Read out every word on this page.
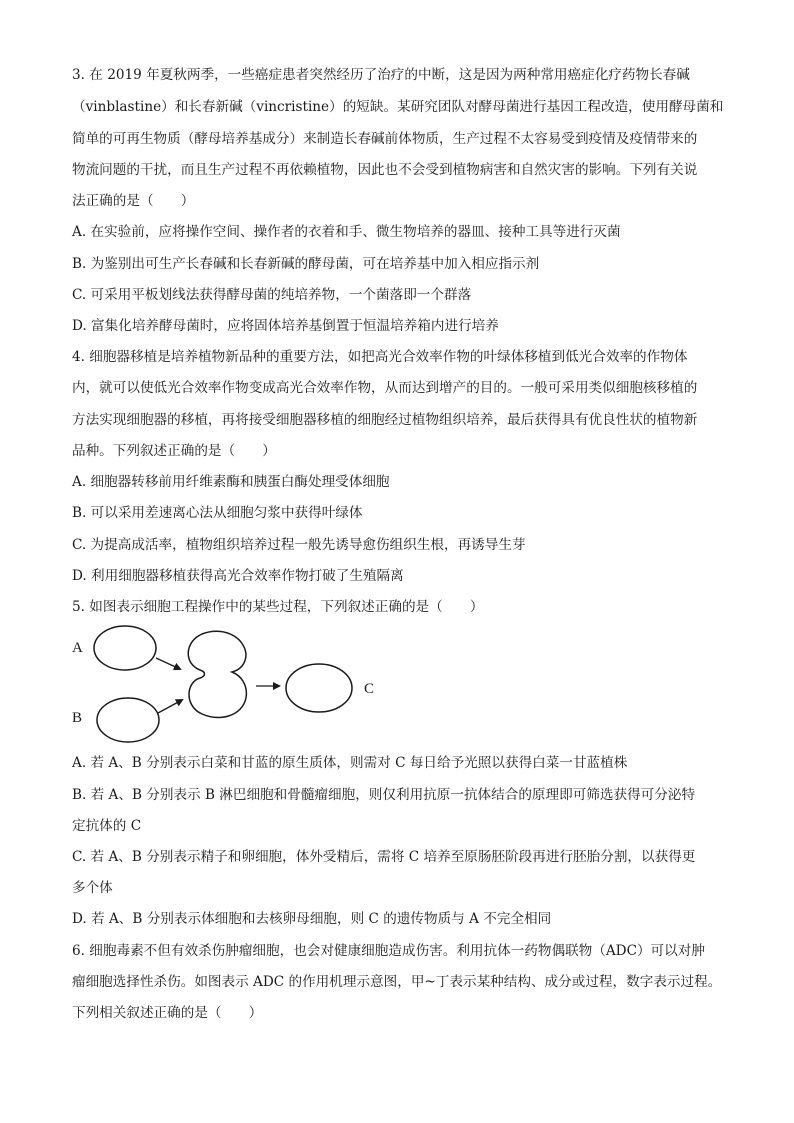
3. 在 2019 年夏秋两季，一些癌症患者突然经历了治疗的中断，这是因为两种常用癌症化疗药物长春碱
（vinblastine）和长春新碱（vincristine）的短缺。某研究团队对酵母菌进行基因工程改造，使用酵母菌和
简单的可再生物质（酵母培养基成分）来制造长春碱前体物质，生产过程不太容易受到疫情及疫情带来的
物流问题的干扰，而且生产过程不再依赖植物，因此也不会受到植物病害和自然灾害的影响。下列有关说
法正确的是（　　）
A. 在实验前，应将操作空间、操作者的衣着和手、微生物培养的器皿、接种工具等进行灭菌
B. 为鉴别出可生产长春碱和长春新碱的酵母菌，可在培养基中加入相应指示剂
C. 可采用平板划线法获得酵母菌的纯培养物，一个菌落即一个群落
D. 富集化培养酵母菌时，应将固体培养基倒置于恒温培养箱内进行培养
4. 细胞器移植是培养植物新品种的重要方法，如把高光合效率作物的叶绿体移植到低光合效率的作物体
内，就可以使低光合效率作物变成高光合效率作物，从而达到增产的目的。一般可采用类似细胞核移植的
方法实现细胞器的移植，再将接受细胞器移植的细胞经过植物组织培养，最后获得具有优良性状的植物新
品种。下列叙述正确的是（　　）
A. 细胞器转移前用纤维素酶和胰蛋白酶处理受体细胞
B. 可以采用差速离心法从细胞匀浆中获得叶绿体
C. 为提高成活率，植物组织培养过程一般先诱导愈伤组织生根，再诱导生芽
D. 利用细胞器移植获得高光合效率作物打破了生殖隔离
5. 如图表示细胞工程操作中的某些过程，下列叙述正确的是（　　）
A
B
C
A. 若 A、B 分别表示白菜和甘蓝的原生质体，则需对 C 每日给予光照以获得白菜一甘蓝植株
B. 若 A、B 分别表示 B 淋巴细胞和骨髓瘤细胞，则仅利用抗原一抗体结合的原理即可筛选获得可分泌特
定抗体的 C
C. 若 A、B 分别表示精子和卵细胞，体外受精后，需将 C 培养至原肠胚阶段再进行胚胎分割，以获得更
多个体
D. 若 A、B 分别表示体细胞和去核卵母细胞，则 C 的遗传物质与 A 不完全相同
6. 细胞毒素不但有效杀伤肿瘤细胞，也会对健康细胞造成伤害。利用抗体一药物偶联物（ADC）可以对肿
瘤细胞选择性杀伤。如图表示 ADC 的作用机理示意图，甲~丁表示某种结构、成分或过程，数字表示过程。
下列相关叙述正确的是（　　）
